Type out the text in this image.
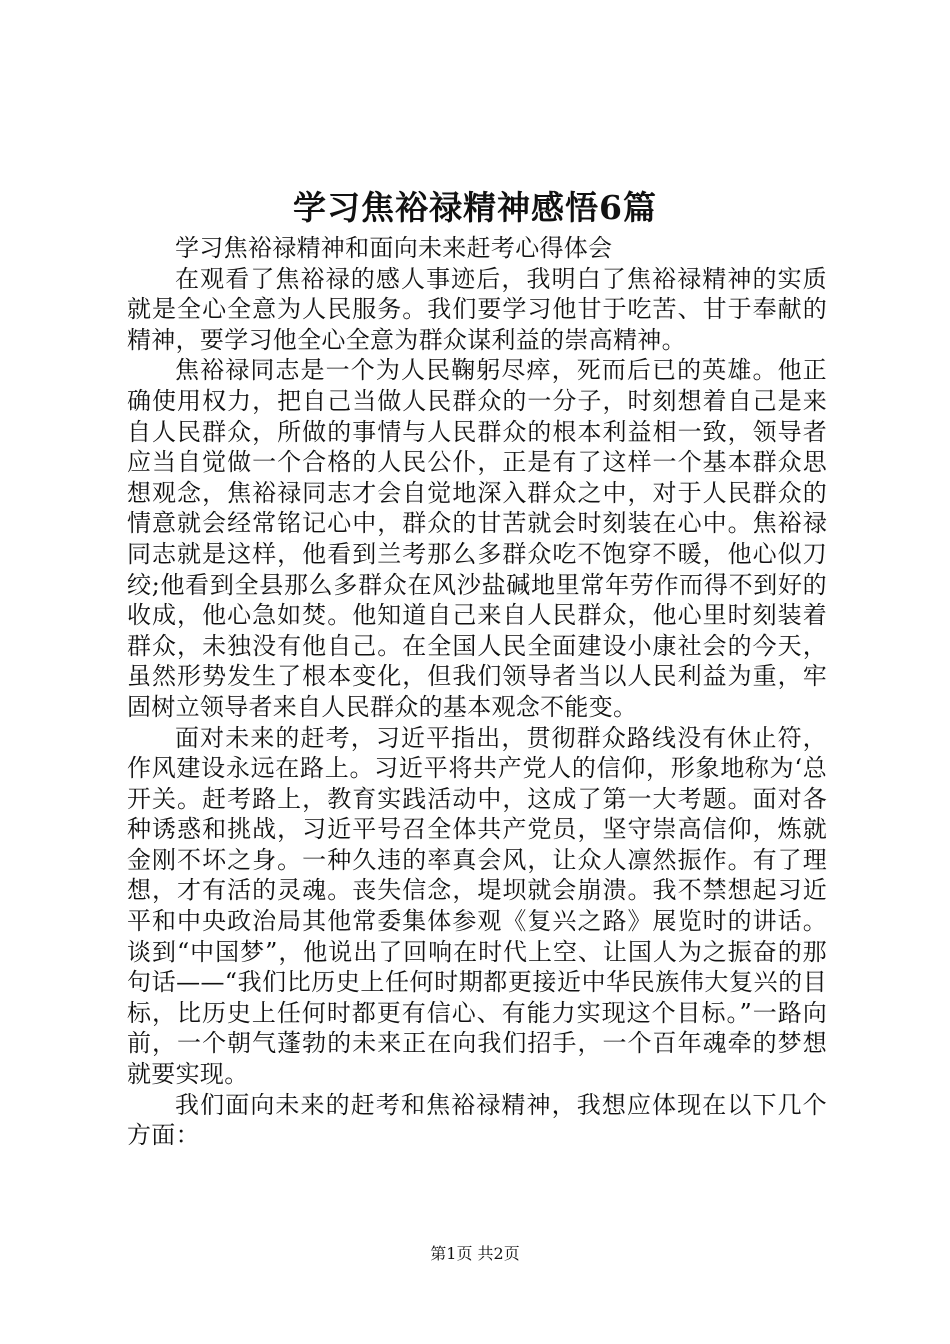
学习焦裕禄精神感悟6篇

学习焦裕禄精神和面向未来赶考心得体会

在观看了焦裕禄的感人事迹后，我明白了焦裕禄精神的实质就是全心全意为人民服务。我们要学习他甘于吃苦、甘于奉献的精神，要学习他全心全意为群众谋利益的崇高精神。

焦裕禄同志是一个为人民鞠躬尽瘁，死而后已的英雄。他正确使用权力，把自己当做人民群众的一分子，时刻想着自己是来自人民群众，所做的事情与人民群众的根本利益相一致，领导者应当自觉做一个合格的人民公仆，正是有了这样一个基本群众思想观念，焦裕禄同志才会自觉地深入群众之中，对于人民群众的情意就会经常铭记心中，群众的甘苦就会时刻装在心中。焦裕禄同志就是这样，他看到兰考那么多群众吃不饱穿不暖，他心似刀绞;他看到全县那么多群众在风沙盐碱地里常年劳作而得不到好的收成，他心急如焚。他知道自己来自人民群众，他心里时刻装着群众，未独没有他自己。在全国人民全面建设小康社会的今天，虽然形势发生了根本变化，但我们领导者当以人民利益为重，牢固树立领导者来自人民群众的基本观念不能变。

面对未来的赶考，习近平指出，贯彻群众路线没有休止符，作风建设永远在路上。习近平将共产党人的信仰，形象地称为‘总开关。赶考路上，教育实践活动中，这成了第一大考题。面对各种诱惑和挑战，习近平号召全体共产党员，坚守崇高信仰，炼就金刚不坏之身。一种久违的率真会风，让众人凛然振作。有了理想，才有活的灵魂。丧失信念，堤坝就会崩溃。我不禁想起习近平和中央政治局其他常委集体参观《复兴之路》展览时的讲话。谈到“中国梦”，他说出了回响在时代上空、让国人为之振奋的那句话——“我们比历史上任何时期都更接近中华民族伟大复兴的目标，比历史上任何时都更有信心、有能力实现这个目标。”一路向前，一个朝气蓬勃的未来正在向我们招手，一个百年魂牵的梦想就要实现。

我们面向未来的赶考和焦裕禄精神，我想应体现在以下几个方面：

第1页 共2页
